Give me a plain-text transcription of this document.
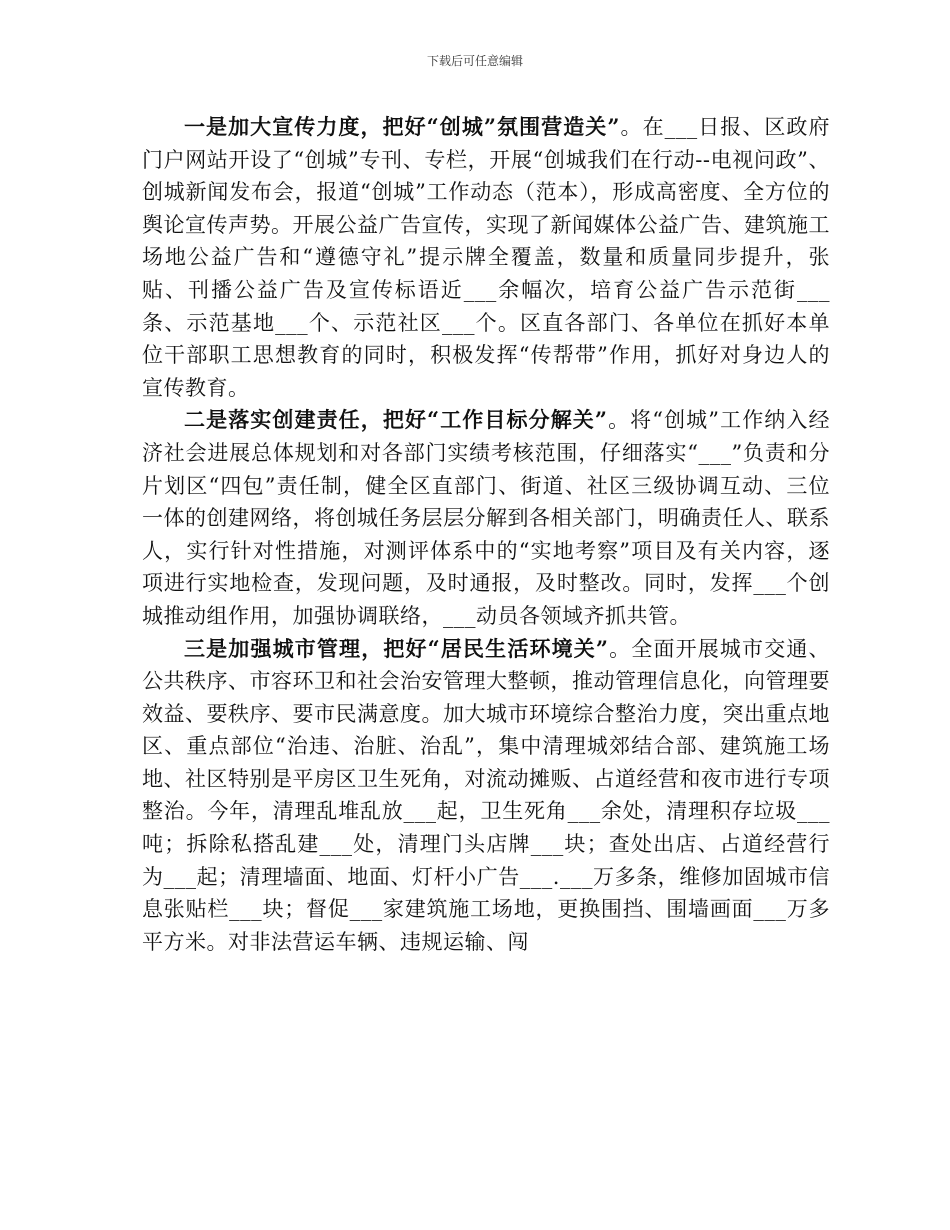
下载后可任意编辑

一是加大宣传力度，把好“创城”氛围营造关”。在___日报、区政府门户网站开设了“创城”专刊、专栏，开展“创城我们在行动--电视问政”、创城新闻发布会，报道“创城”工作动态（范本），形成高密度、全方位的舆论宣传声势。开展公益广告宣传，实现了新闻媒体公益广告、建筑施工场地公益广告和“遵德守礼”提示牌全覆盖，数量和质量同步提升，张贴、刊播公益广告及宣传标语近___余幅次，培育公益广告示范街___条、示范基地___个、示范社区___个。区直各部门、各单位在抓好本单位干部职工思想教育的同时，积极发挥“传帮带”作用，抓好对身边人的宣传教育。

二是落实创建责任，把好“工作目标分解关”。将“创城”工作纳入经济社会进展总体规划和对各部门实绩考核范围，仔细落实“___”负责和分片划区“四包”责任制，健全区直部门、街道、社区三级协调互动、三位一体的创建网络，将创城任务层层分解到各相关部门，明确责任人、联系人，实行针对性措施，对测评体系中的“实地考察”项目及有关内容，逐项进行实地检查，发现问题，及时通报，及时整改。同时，发挥___个创城推动组作用，加强协调联络，___动员各领域齐抓共管。

三是加强城市管理，把好“居民生活环境关”。全面开展城市交通、公共秩序、市容环卫和社会治安管理大整顿，推动管理信息化，向管理要效益、要秩序、要市民满意度。加大城市环境综合整治力度，突出重点地区、重点部位“治违、治脏、治乱”，集中清理城郊结合部、建筑施工场地、社区特别是平房区卫生死角，对流动摊贩、占道经营和夜市进行专项整治。今年，清理乱堆乱放___起，卫生死角___余处，清理积存垃圾___吨；拆除私搭乱建___处，清理门头店牌___块；查处出店、占道经营行为___起；清理墙面、地面、灯杆小广告___.___万多条，维修加固城市信息张贴栏___块；督促___家建筑施工场地，更换围挡、围墙画面___万多平方米。对非法营运车辆、违规运输、闯
